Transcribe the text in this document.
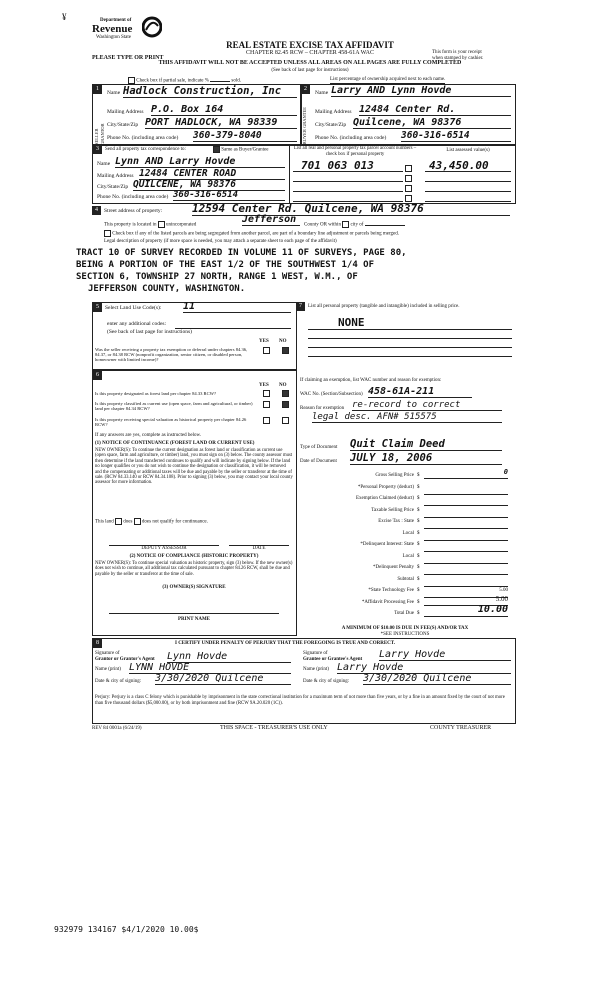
¥	Department of
Revenue
Washington State
PLEASE TYPE OR PRINT
REAL ESTATE EXCISE TAX AFFIDAVIT
CHAPTER 82.45 RCW – CHAPTER 458-61A WAC
THIS AFFIDAVIT WILL NOT BE ACCEPTED UNLESS ALL AREAS ON ALL PAGES ARE FULLY COMPLETED
(See back of last page for instructions)
This form is your receipt
when stamped by cashier.
Check box if partial sale, indicate %	sold.	List percentage of ownership acquired next to each name.
1
SELLER GRANTOR
Name Hadlock Construction, Inc
Mailing Address P.O. Box 164
City/State/Zip PORT HADLOCK, WA 98339
Phone No. (including area code) 360-379-8040
2
BUYER GRANTEE
Name Larry AND Lynn Hovde
Mailing Address 12484 Center Rd.
City/State/Zip Quilcene, WA 98376
Phone No. (including area code) 360-316-6514
3	Send all property tax correspondence to:	Same as Buyer/Grantee
Name Lynn AND Larry Hovde
Mailing Address 12484 CENTER ROAD
City/State/Zip QUILCENE, WA 98376
Phone No. (including area code) 360-316-6514
List all real and personal property tax parcel account numbers – check box if personal property
List assessed value(s)
701 063 013	43,450.00
4	Street address of property:	12594 Center Rd. Quilcene, WA 98376
This property is located in unincorporated
Jefferson
County OR within city of
Check box if any of the listed parcels are being segregated from another parcel, are part of a boundary line adjustment or parcels being merged.
Legal description of property (if more space is needed, you may attach a separate sheet to each page of the affidavit)
TRACT 10 OF SURVEY RECORDED IN VOLUME 11 OF SURVEYS, PAGE 80,
BEING A PORTION OF THE EAST 1/2 OF THE SOUTHWEST 1/4 OF
SECTION 6, TOWNSHIP 27 NORTH, RANGE 1 WEST, W.M., OF
JEFFERSON COUNTY, WASHINGTON.
5	Select Land Use Code(s): 11
enter any additional codes:
(See back of last page for instructions)
YES NO
Was the seller receiving a property tax exemption or deferral under chapters 84.36, 84.37, or 84.38 RCW (nonprofit organization, senior citizen, or disabled person, homeowner with limited income)?
7	List all personal property (tangible and intangible) included in selling price.
NONE
If claiming an exemption, list WAC number and reason for exemption:
WAC No. (Section/Subsection) 458-61A-211
Reason for exemption re-record to correct
legal desc. AFN# 515575
Type of Document Quit Claim Deed
Date of Document JULY 18, 2006
Gross Selling Price $	0
*Personal Property (deduct) $
Exemption Claimed (deduct) $
Taxable Selling Price $
Excise Tax : State $
Local $
*Delinquent Interest: State $
Local $
*Delinquent Penalty $
Subtotal $
*State Technology Fee $	5.00
*Affidavit Processing Fee $	5.00
Total Due $	10.00
A MINIMUM OF $10.00 IS DUE IN FEE(S) AND/OR TAX
*SEE INSTRUCTIONS
6
YES NO
Is this property designated as forest land per chapter 84.33 RCW?
Is this property classified as current use (open space, farm and agricultural, or timber) land per chapter 84.34 RCW?
Is this property receiving special valuation as historical property per chapter 84.26 RCW?
If any answers are yes, complete as instructed below.
(1) NOTICE OF CONTINUANCE (FOREST LAND OR CURRENT USE)
NEW OWNER(S): To continue the current designation as forest land or classification as current use (open space, farm and agriculture, or timber) land, you must sign on (3) below. The county assessor must then determine if the land transferred continues to qualify and will indicate by signing below. If the land no longer qualifies or you do not wish to continue the designation or classification, it will be removed and the compensating or additional taxes will be due and payable by the seller or transferor at the time of sale. (RCW 84.33.140 or RCW 84.34.108). Prior to signing (3) below, you may contact your local county assessor for more information.
This land does does not qualify for continuance.
DEPUTY ASSESSOR	DATE
(2) NOTICE OF COMPLIANCE (HISTORIC PROPERTY)
NEW OWNER(S): To continue special valuation as historic property, sign (3) below. If the new owner(s) does not wish to continue, all additional tax calculated pursuant to chapter 84.26 RCW, shall be due and payable by the seller or transferor at the time of sale.
(3) OWNER(S) SIGNATURE
PRINT NAME
8	I CERTIFY UNDER PENALTY OF PERJURY THAT THE FOREGOING IS TRUE AND CORRECT.
Signature of
Grantor or Grantor's Agent Lynn Hovde
Name (print) LYNN HOVDE
Date & city of signing: 3/30/2020 Quilcene
Signature of
Grantee or Grantee's Agent Larry Hovde
Name (print) Larry Hovde
Date & city of signing: 3/30/2020 Quilcene
Perjury: Perjury is a class C felony which is punishable by imprisonment in the state correctional institution for a maximum term of not more than five years, or by a fine in an amount fixed by the court of not more than five thousand dollars ($5,000.00), or by both imprisonment and fine (RCW 9A.20.020 (1C)).
REV 84 0001a (6/24/19)	THIS SPACE - TREASURER'S USE ONLY	COUNTY TREASURER
932979 134167 $4/1/2020 10.00$
